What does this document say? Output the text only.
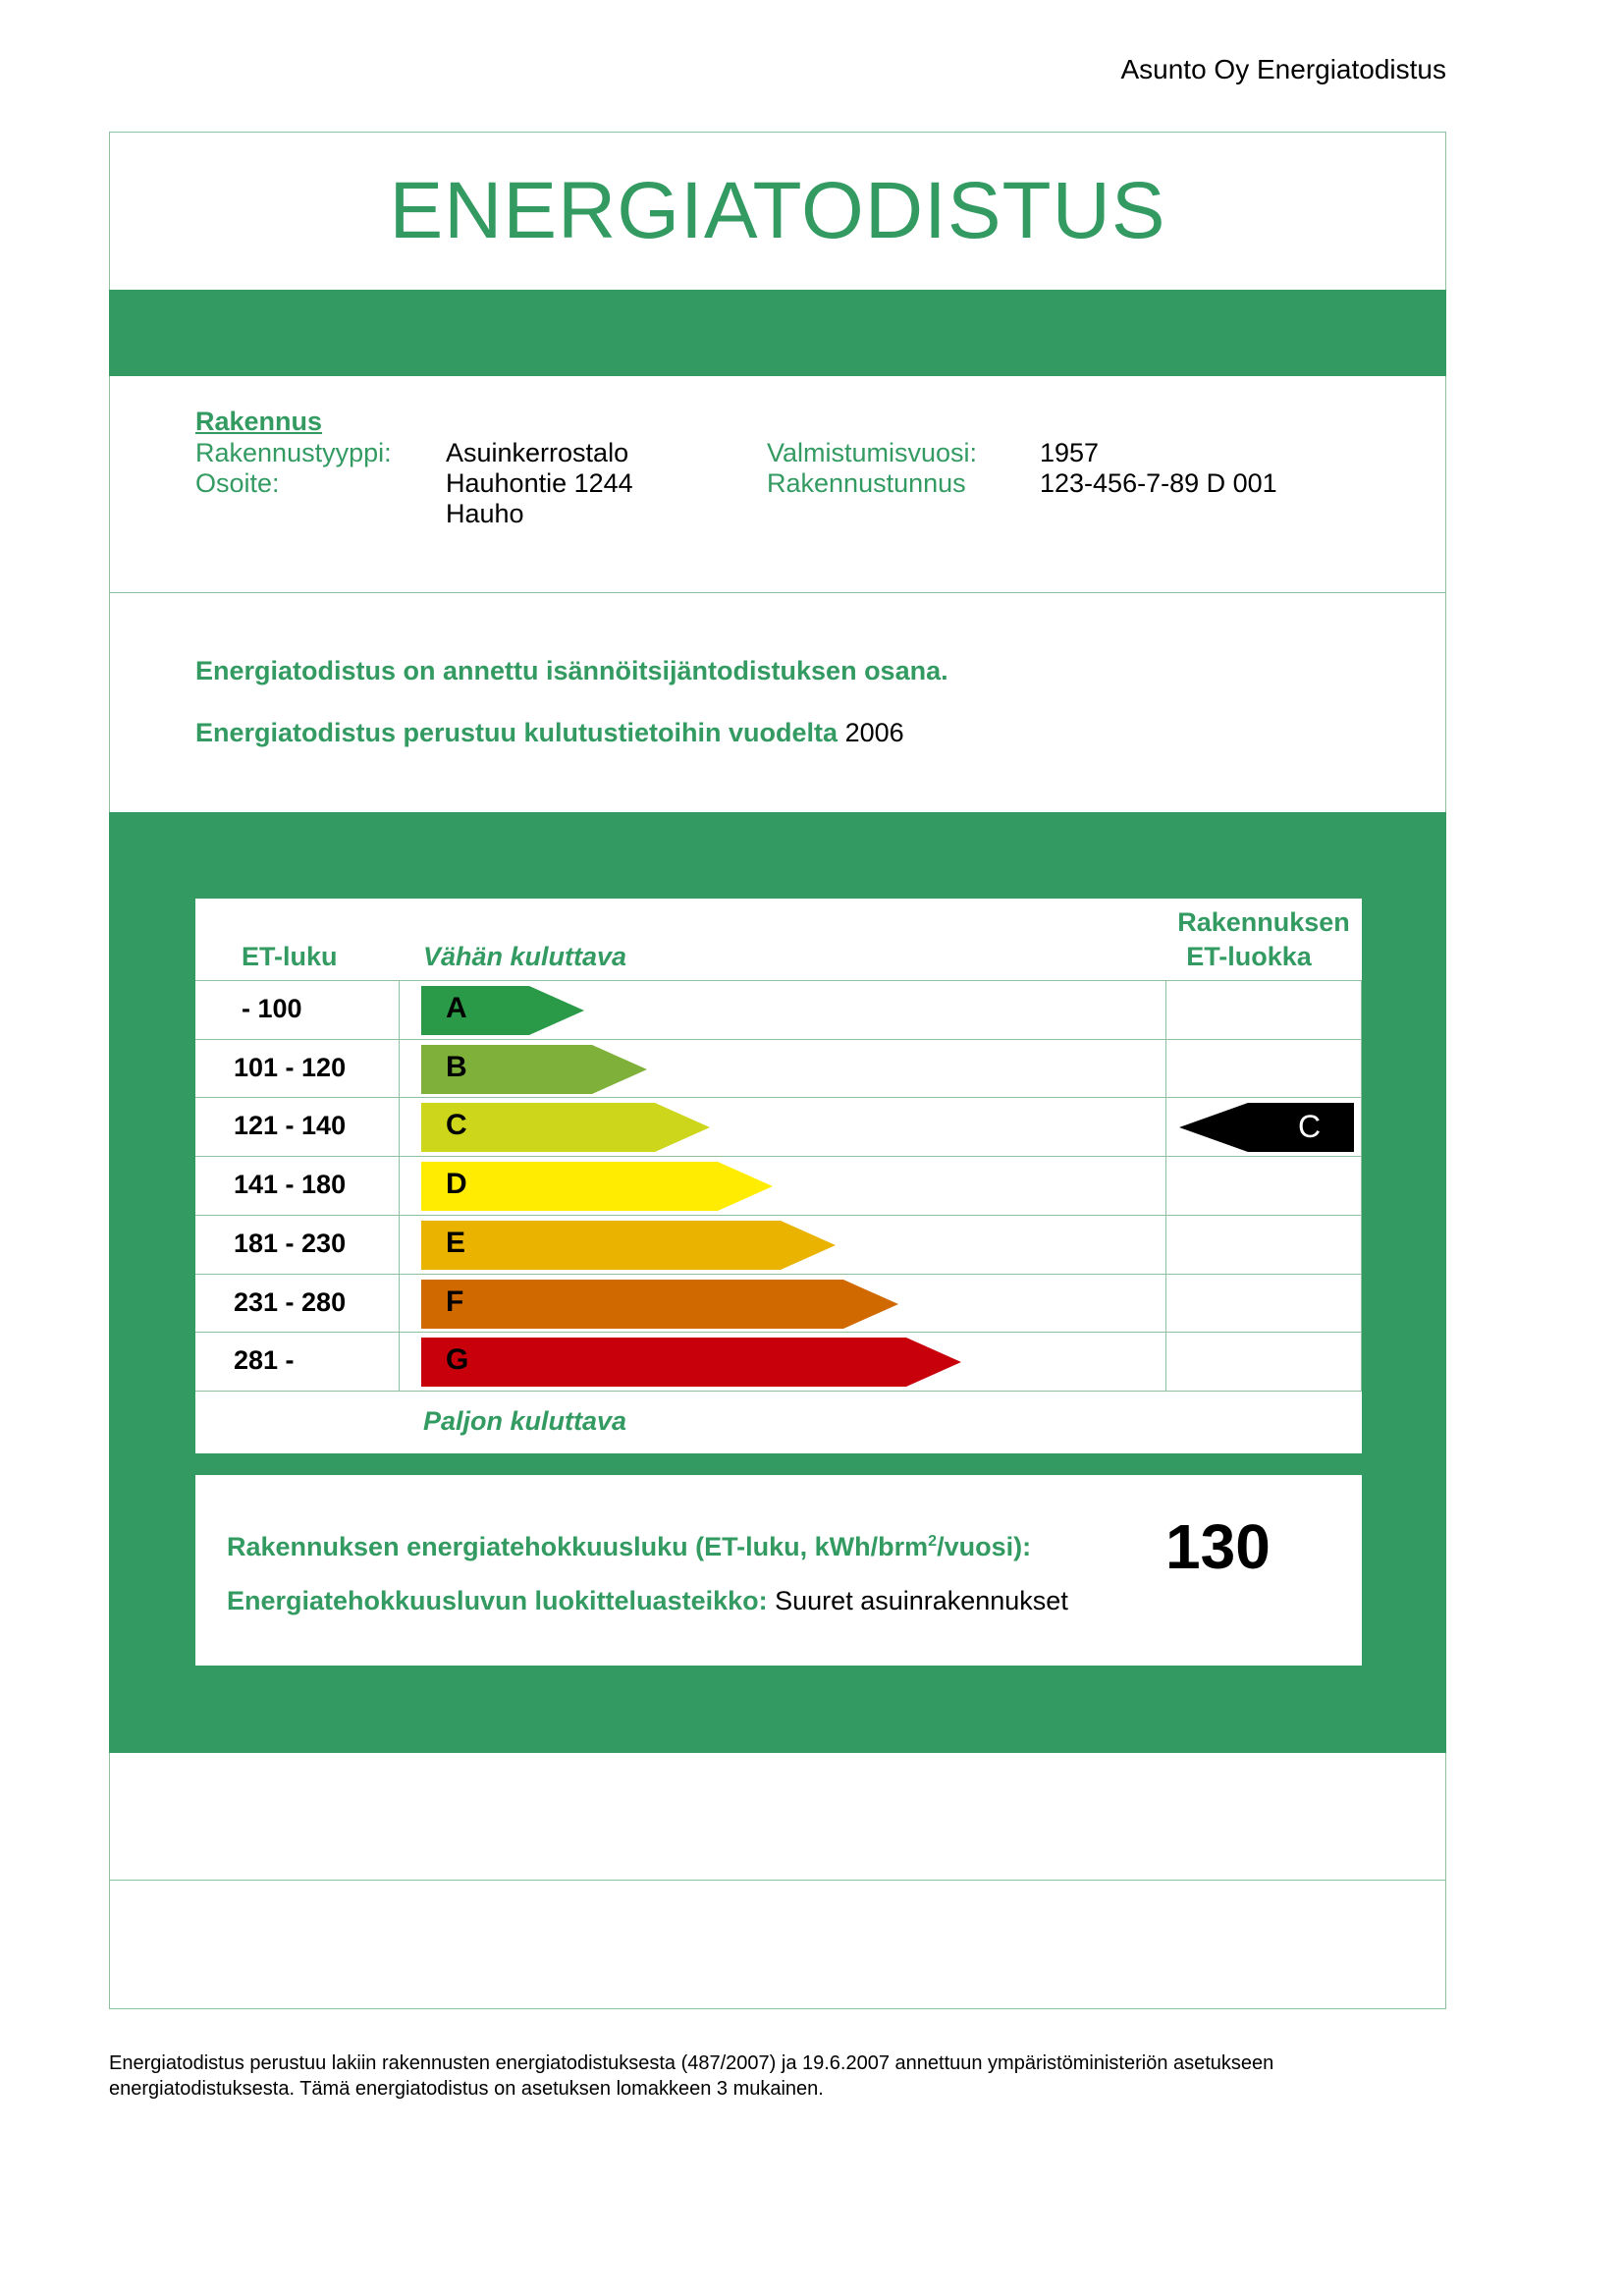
Asunto Oy Energiatodistus
ENERGIATODISTUS
Rakennus
Rakennustyyppi: Asuinkerrostalo
Osoite:	Hauhontie 1244
Hauho
Valmistumisvuosi: 1957
Rakennustunnus	123-456-7-89 D 001
Energiatodistus on annettu isännöitsijäntodistuksen osana.
Energiatodistus perustuu kulutustietoihin vuodelta 2006
ET-luku	Vähän kuluttava
Rakennuksen
ET-luokka
- 100	A
101 - 120	B
121 - 140	C	C
141 - 180	D
181 - 230	E
231 - 280	F
281 -	G
Paljon kuluttava
Rakennuksen energiatehokkuusluku (ET-luku, kWh/brm$^2$/vuosi): 130
Energiatehokkuusluvun luokitteluasteikko: Suuret asuinrakennukset
Energiatodistus perustuu lakiin rakennusten energiatodistuksesta (487/2007) ja 19.6.2007 annettuun ympäristöministeriön asetukseen
energiatodistuksesta. Tämä energiatodistus on asetuksen lomakkeen 3 mukainen.
